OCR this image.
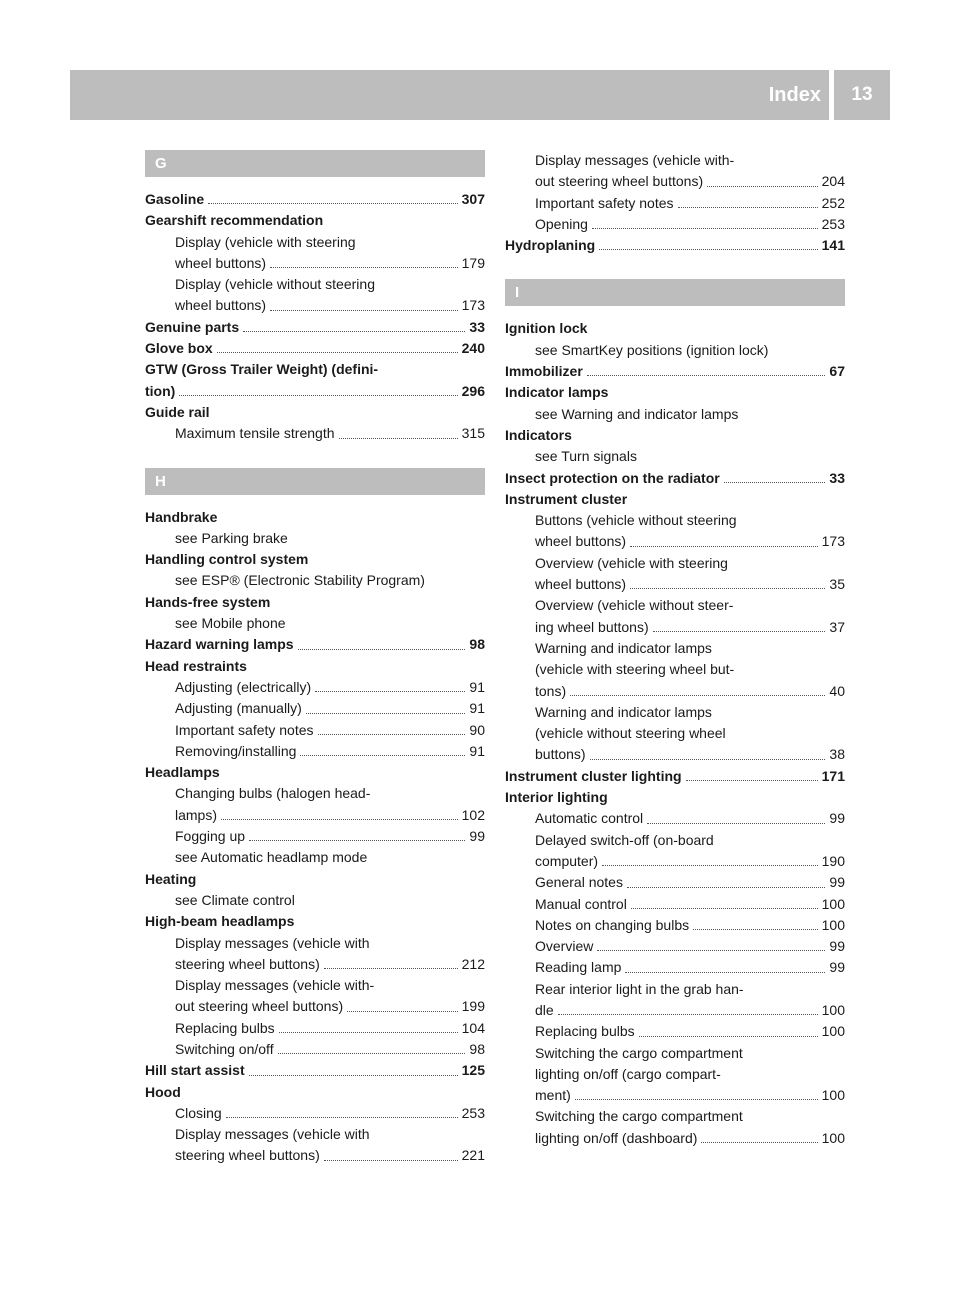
Index	13
G
Gasoline	307
Gearshift recommendation
Display (vehicle with steering
wheel buttons)	179
Display (vehicle without steering
wheel buttons)	173
Genuine parts	33
Glove box	240
GTW (Gross Trailer Weight) (defini-
tion)	296
Guide rail
Maximum tensile strength	315
H
Handbrake
see Parking brake
Handling control system
see ESP® (Electronic Stability Program)
Hands-free system
see Mobile phone
Hazard warning lamps	98
Head restraints
Adjusting (electrically)	91
Adjusting (manually)	91
Important safety notes	90
Removing/installing	91
Headlamps
Changing bulbs (halogen head-
lamps)	102
Fogging up	99
see Automatic headlamp mode
Heating
see Climate control
High-beam headlamps
Display messages (vehicle with
steering wheel buttons)	212
Display messages (vehicle with-
out steering wheel buttons)	199
Replacing bulbs	104
Switching on/off	98
Hill start assist	125
Hood
Closing	253
Display messages (vehicle with
steering wheel buttons)	221
Display messages (vehicle with-
out steering wheel buttons)	204
Important safety notes	252
Opening	253
Hydroplaning	141
I
Ignition lock
see SmartKey positions (ignition lock)
Immobilizer	67
Indicator lamps
see Warning and indicator lamps
Indicators
see Turn signals
Insect protection on the radiator	33
Instrument cluster
Buttons (vehicle without steering
wheel buttons)	173
Overview (vehicle with steering
wheel buttons)	35
Overview (vehicle without steer-
ing wheel buttons)	37
Warning and indicator lamps
(vehicle with steering wheel but-
tons)	40
Warning and indicator lamps
(vehicle without steering wheel
buttons)	38
Instrument cluster lighting	171
Interior lighting
Automatic control	99
Delayed switch-off (on-board
computer)	190
General notes	99
Manual control	100
Notes on changing bulbs	100
Overview	99
Reading lamp	99
Rear interior light in the grab han-
dle	100
Replacing bulbs	100
Switching the cargo compartment
lighting on/off (cargo compart-
ment)	100
Switching the cargo compartment
lighting on/off (dashboard)	100
